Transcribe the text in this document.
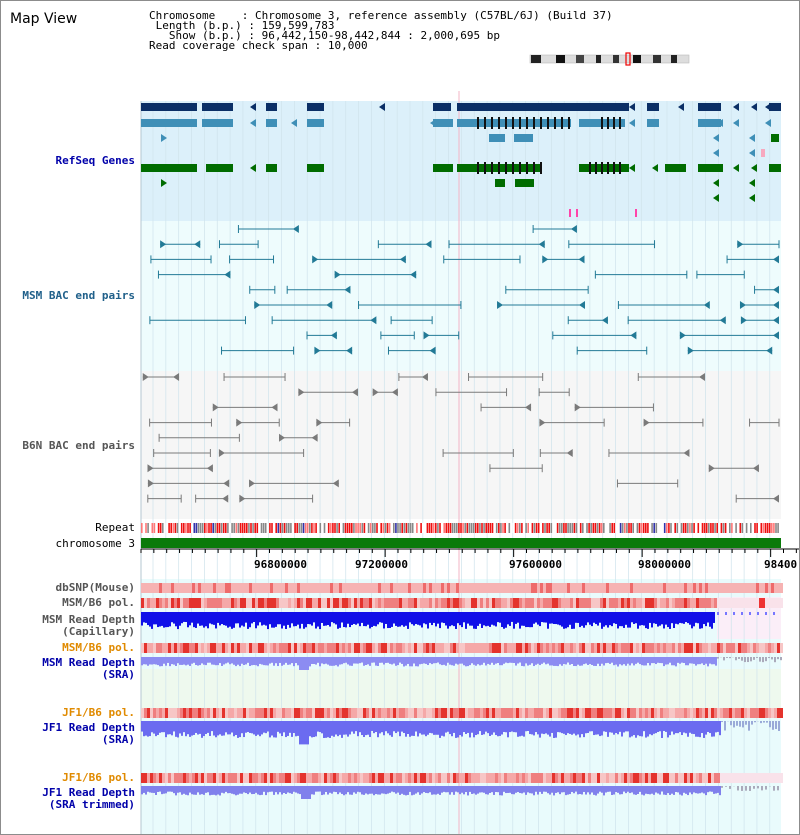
Map View	Chromosome    : Chromosome 3, reference assembly (C57BL/6J) (Build 37)
Length (b.p.) : 159,599,783
Show (b.p.) : 96,442,150-98,442,844 : 2,000,695 bp
Read coverage check span : 10,000
RefSeq Genes
MSM BAC end pairs
B6N BAC end pairs
Repeat
chromosome 3
dbSNP(Mouse)
MSM/B6 pol.
MSM Read Depth
(Capillary)
MSM/B6 pol.
MSM Read Depth
(SRA)
JF1/B6 pol.
JF1 Read Depth
(SRA)
JF1/B6 pol.
JF1 Read Depth
(SRA trimmed)
96800000	97200000	97600000	98000000	98400
